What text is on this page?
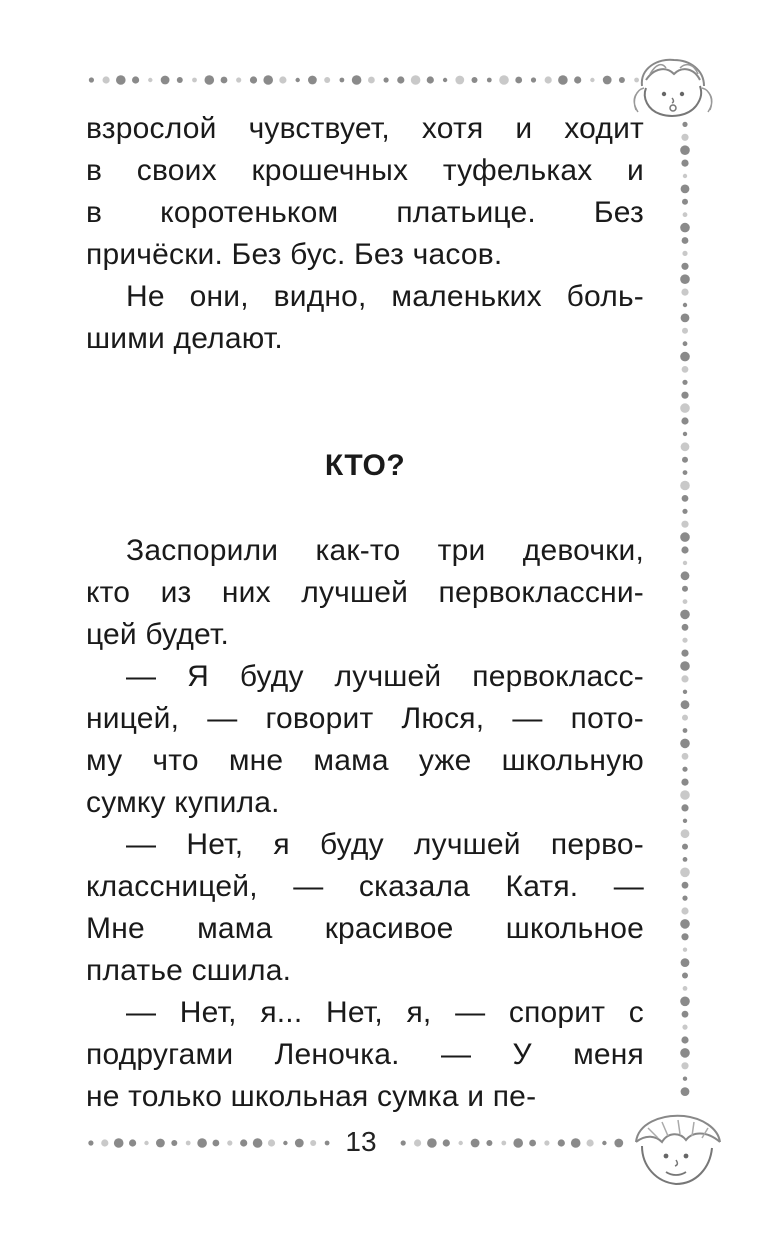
взрослой чувствует, хотя и ходит
в своих крошечных туфельках и
в коротеньком платьице. Без
причёски. Без бус. Без часов.
Не они, видно, маленьких боль-
шими делают.
КТО?
Заспорили как-то три девочки,
кто из них лучшей первоклассни-
цей будет.
— Я буду лучшей первокласс-
ницей, — говорит Люся, — пото-
му что мне мама уже школьную
сумку купила.
— Нет, я буду лучшей перво-
классницей, — сказала Катя. —
Мне мама красивое школьное
платье сшила.
— Нет, я... Нет, я, — спорит с
подругами Леночка. — У меня
не только школьная сумка и пе-
13
